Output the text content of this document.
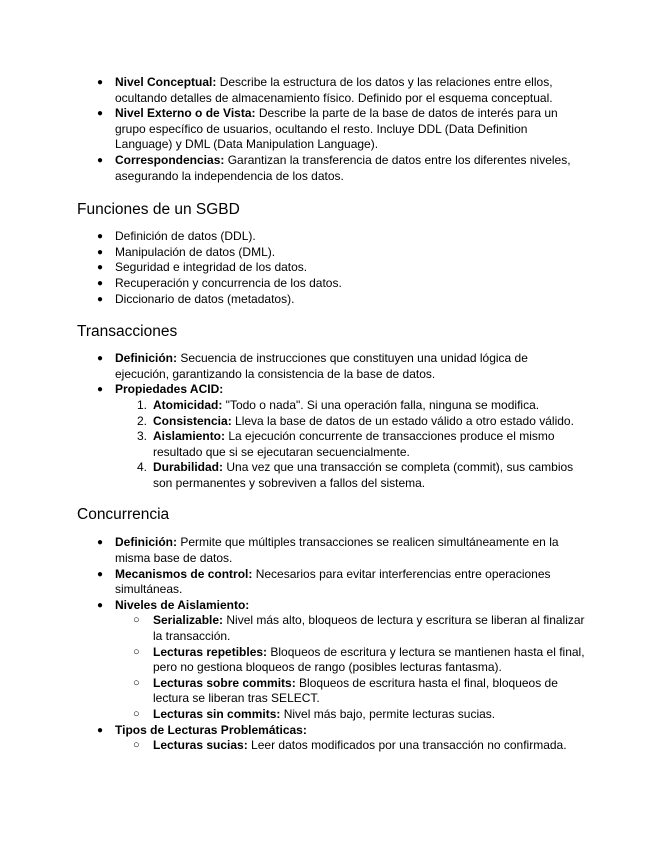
● Nivel Conceptual: Describe la estructura de los datos y las relaciones entre ellos, ocultando detalles de almacenamiento físico. Definido por el esquema conceptual.
● Nivel Externo o de Vista: Describe la parte de la base de datos de interés para un grupo específico de usuarios, ocultando el resto. Incluye DDL (Data Definition Language) y DML (Data Manipulation Language).
● Correspondencias: Garantizan la transferencia de datos entre los diferentes niveles, asegurando la independencia de los datos.
Funciones de un SGBD
● Definición de datos (DDL).
● Manipulación de datos (DML).
● Seguridad e integridad de los datos.
● Recuperación y concurrencia de los datos.
● Diccionario de datos (metadatos).
Transacciones
● Definición: Secuencia de instrucciones que constituyen una unidad lógica de ejecución, garantizando la consistencia de la base de datos.
● Propiedades ACID:
1. Atomicidad: "Todo o nada". Si una operación falla, ninguna se modifica.
2. Consistencia: Lleva la base de datos de un estado válido a otro estado válido.
3. Aislamiento: La ejecución concurrente de transacciones produce el mismo resultado que si se ejecutaran secuencialmente.
4. Durabilidad: Una vez que una transacción se completa (commit), sus cambios son permanentes y sobreviven a fallos del sistema.
Concurrencia
● Definición: Permite que múltiples transacciones se realicen simultáneamente en la misma base de datos.
● Mecanismos de control: Necesarios para evitar interferencias entre operaciones simultáneas.
● Niveles de Aislamiento:
○ Serializable: Nivel más alto, bloqueos de lectura y escritura se liberan al finalizar la transacción.
○ Lecturas repetibles: Bloqueos de escritura y lectura se mantienen hasta el final, pero no gestiona bloqueos de rango (posibles lecturas fantasma).
○ Lecturas sobre commits: Bloqueos de escritura hasta el final, bloqueos de lectura se liberan tras SELECT.
○ Lecturas sin commits: Nivel más bajo, permite lecturas sucias.
● Tipos de Lecturas Problemáticas:
○ Lecturas sucias: Leer datos modificados por una transacción no confirmada.
